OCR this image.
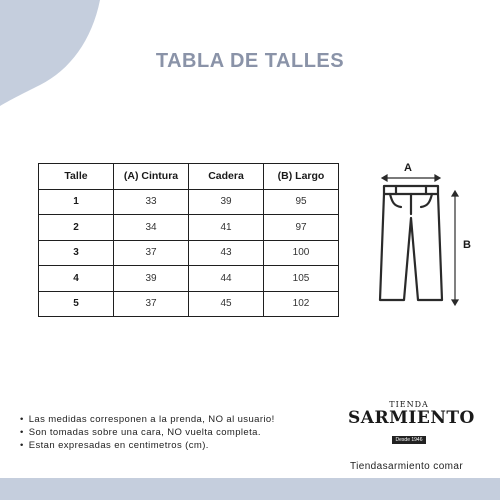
TABLA DE TALLES
Talle	(A) Cintura	Cadera	(B) Largo
1	33	39	95
2	34	41	97
3	37	43	100
4	39	44	105
5	37	45	102
A
B
• Las medidas corresponen a la prenda, NO al usuario!
• Son tomadas sobre una cara, NO vuelta completa.
• Estan expresadas en centimetros (cm).
TIENDA
SARMIENTO
Desde 1946
Tiendasarmiento comar
